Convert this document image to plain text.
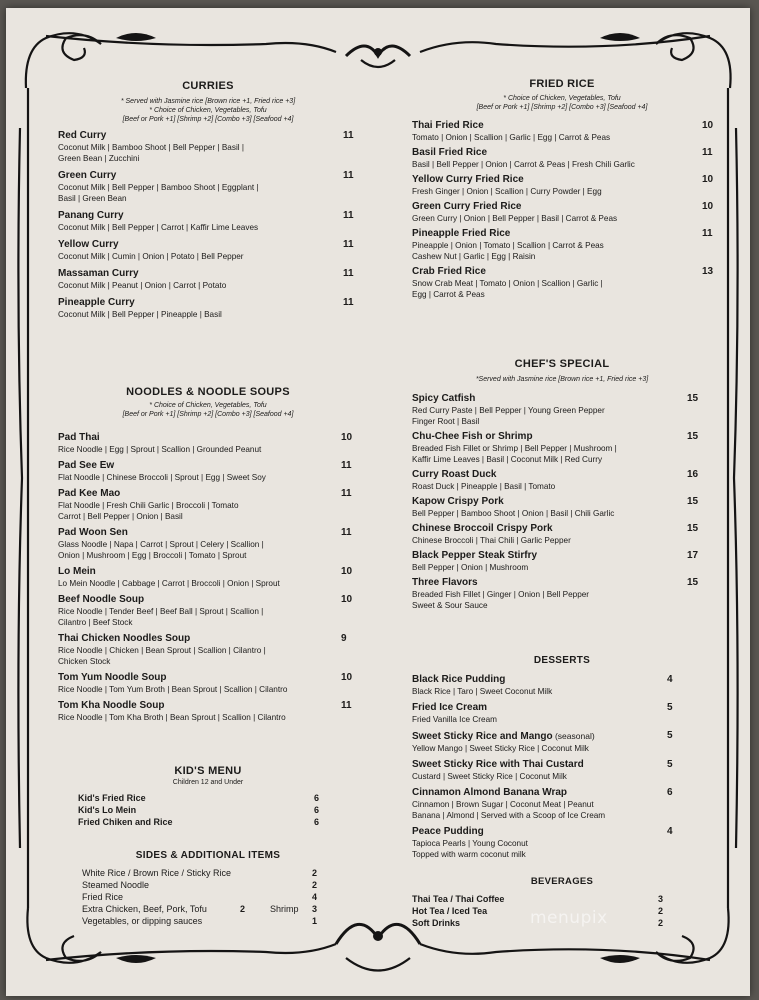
CURRIES
* Served with Jasmine rice [Brown rice +1, Fried rice +3]
* Choice of Chicken, Vegetables, Tofu
[Beef or Pork +1] [Shrimp +2] [Combo +3] [Seafood +4]
Red Curry
Coconut Milk | Bamboo Shoot | Bell Pepper | Basil |
Green Bean | Zucchini
11
Green Curry
Coconut Milk | Bell Pepper | Bamboo Shoot | Eggplant |
Basil | Green Bean
11
Panang Curry
Coconut Milk | Bell Pepper | Carrot | Kaffir Lime Leaves
11
Yellow Curry
Coconut Milk | Cumin | Onion | Potato | Bell Pepper
11
Massaman Curry
Coconut Milk | Peanut | Onion | Carrot | Potato
11
Pineapple Curry
Coconut Milk | Bell Pepper | Pineapple | Basil
11
NOODLES & NOODLE SOUPS
* Choice of Chicken, Vegetables, Tofu
[Beef or Pork +1] [Shrimp +2] [Combo +3] [Seafood +4]
Pad Thai
Rice Noodle | Egg | Sprout | Scallion | Grounded Peanut
10
Pad See Ew
Flat Noodle | Chinese Broccoli | Sprout | Egg | Sweet Soy
11
Pad Kee Mao
Flat Noodle | Fresh Chili Garlic | Broccoli | Tomato
Carrot | Bell Pepper | Onion | Basil
11
Pad Woon Sen
Glass Noodle | Napa | Carrot | Sprout | Celery | Scallion |
Onion | Mushroom | Egg | Broccoli | Tomato | Sprout
11
Lo Mein
Lo Mein Noodle | Cabbage | Carrot | Broccoli | Onion | Sprout
10
Beef Noodle Soup
Rice Noodle | Tender Beef | Beef Ball | Sprout | Scallion |
Cilantro | Beef Stock
10
Thai Chicken Noodles Soup
Rice Noodle | Chicken | Bean Sprout | Scallion | Cilantro |
Chicken Stock
9
Tom Yum Noodle Soup
Rice Noodle | Tom Yum Broth | Bean Sprout | Scallion | Cilantro
10
Tom Kha Noodle Soup
Rice Noodle | Tom Kha Broth | Bean Sprout | Scallion | Cilantro
11
KID'S MENU
Children 12 and Under
Kid's Fried Rice	6
Kid's Lo Mein	6
Fried Chiken and Rice	6
SIDES & ADDITIONAL ITEMS
White Rice / Brown Rice / Sticky Rice	2
Steamed Noodle	2
Fried Rice	4
Extra Chicken, Beef, Pork, Tofu	2	Shrimp 3
Vegetables, or dipping sauces	1
FRIED RICE
* Choice of Chicken, Vegetables, Tofu
[Beef or Pork +1] [Shrimp +2] [Combo +3] [Seafood +4]
Thai Fried Rice
Tomato | Onion | Scallion | Garlic | Egg | Carrot & Peas
10
Basil Fried Rice
Basil | Bell Pepper | Onion | Carrot & Peas | Fresh Chili Garlic
11
Yellow Curry Fried Rice
Fresh Ginger | Onion | Scallion | Curry Powder | Egg
10
Green Curry Fried Rice
Green Curry | Onion | Bell Pepper | Basil | Carrot & Peas
10
Pineapple Fried Rice
Pineapple | Onion | Tomato | Scallion | Carrot & Peas
Cashew Nut | Garlic | Egg | Raisin
11
Crab Fried Rice
Snow Crab Meat | Tomato | Onion | Scallion | Garlic |
Egg | Carrot & Peas
13
CHEF'S SPECIAL
*Served with Jasmine rice [Brown rice +1, Fried rice +3]
Spicy Catfish
Red Curry Paste | Bell Pepper | Young Green Pepper
Finger Root | Basil
15
Chu-Chee Fish or Shrimp
Breaded Fish Fillet or Shrimp | Bell Pepper | Mushroom |
Kaffir Lime Leaves | Basil | Coconut Milk | Red Curry
15
Curry Roast Duck
Roast Duck | Pineapple | Basil | Tomato
16
Kapow Crispy Pork
Bell Pepper | Bamboo Shoot | Onion | Basil | Chili Garlic
15
Chinese Broccoil Crispy Pork
Chinese Broccoli | Thai Chili | Garlic Pepper
15
Black Pepper Steak Stirfry
Bell Pepper | Onion | Mushroom
17
Three Flavors
Breaded Fish Fillet | Ginger | Onion | Bell Pepper
Sweet & Sour Sauce
15
DESSERTS
Black Rice Pudding
Black Rice | Taro | Sweet Coconut Milk
4
Fried Ice Cream
Fried Vanilla Ice Cream
5
Sweet Sticky Rice and Mango (seasonal)
Yellow Mango | Sweet Sticky Rice | Coconut Milk
5
Sweet Sticky Rice with Thai Custard
Custard | Sweet Sticky Rice | Coconut Milk
5
Cinnamon Almond Banana Wrap
Cinnamon | Brown Sugar | Coconut Meat | Peanut
Banana | Almond | Served with a Scoop of Ice Cream
6
Peace Pudding
Tapioca Pearls | Young Coconut
Topped with warm coconut milk
4
BEVERAGES
Thai Tea / Thai Coffee	3
Hot Tea / Iced Tea	2
Soft Drinks	2
menupix
